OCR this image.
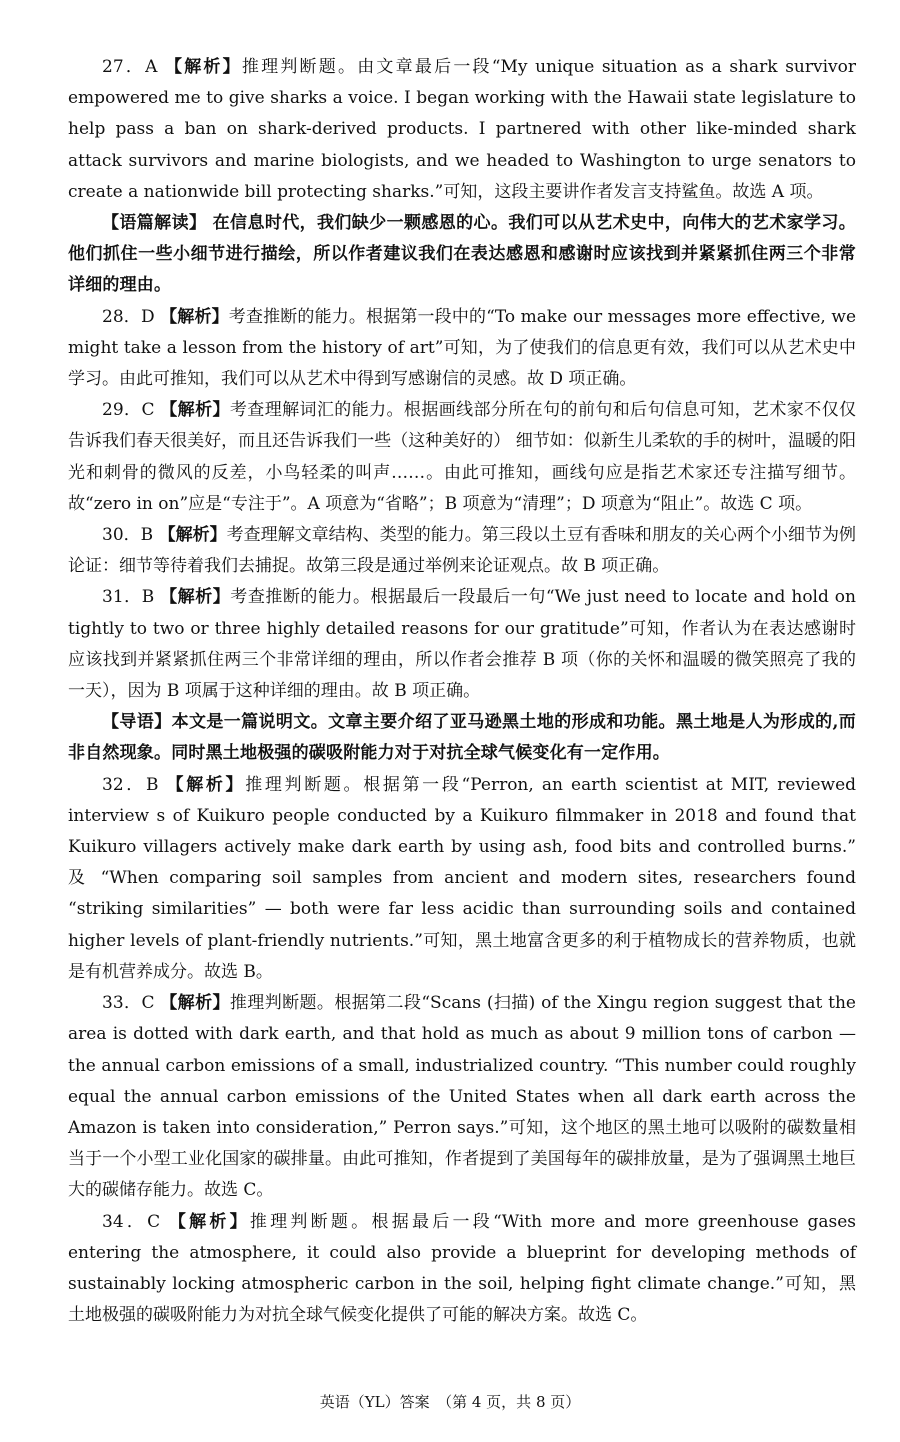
27．A 【解析】推理判断题。由文章最后一段“My unique situation as a shark survivor empowered me to give sharks a voice. I began working with the Hawaii state legislature to help pass a ban on shark-derived products. I partnered with other like-minded shark attack survivors and marine biologists, and we headed to Washington to urge senators to create a nationwide bill protecting sharks.”可知，这段主要讲作者发言支持鲨鱼。故选 A 项。

【语篇解读】 在信息时代，我们缺少一颗感恩的心。我们可以从艺术史中，向伟大的艺术家学习。他们抓住一些小细节进行描绘，所以作者建议我们在表达感恩和感谢时应该找到并紧紧抓住两三个非常详细的理由。

28．D 【解析】考查推断的能力。根据第一段中的“To make our messages more effective, we might take a lesson from the history of art”可知，为了使我们的信息更有效，我们可以从艺术史中学习。由此可推知，我们可以从艺术中得到写感谢信的灵感。故 D 项正确。

29．C 【解析】考查理解词汇的能力。根据画线部分所在句的前句和后句信息可知，艺术家不仅仅告诉我们春天很美好，而且还告诉我们一些（这种美好的） 细节如：似新生儿柔软的手的树叶，温暖的阳光和刺骨的微风的反差，小鸟轻柔的叫声……。由此可推知，画线句应是指艺术家还专注描写细节。故“zero in on”应是“专注于”。A 项意为“省略”；B 项意为“清理”；D 项意为“阻止”。故选 C 项。

30．B 【解析】考查理解文章结构、类型的能力。第三段以土豆有香味和朋友的关心两个小细节为例论证：细节等待着我们去捕捉。故第三段是通过举例来论证观点。故 B 项正确。

31．B 【解析】考查推断的能力。根据最后一段最后一句“We just need to locate and hold on tightly to two or three highly detailed reasons for our gratitude”可知，作者认为在表达感谢时应该找到并紧紧抓住两三个非常详细的理由，所以作者会推荐 B 项（你的关怀和温暖的微笑照亮了我的一天），因为 B 项属于这种详细的理由。故 B 项正确。

【导语】本文是一篇说明文。文章主要介绍了亚马逊黑土地的形成和功能。黑土地是人为形成的,而非自然现象。同时黑土地极强的碳吸附能力对于对抗全球气候变化有一定作用。

32．B 【解析】推理判断题。根据第一段“Perron, an earth scientist at MIT, reviewed interview s of Kuikuro people conducted by a Kuikuro filmmaker in 2018 and found that Kuikuro villagers actively make dark earth by using ash, food bits and controlled burns.” 及 “When comparing soil samples from ancient and modern sites, researchers found “striking similarities” — both were far less acidic than surrounding soils and contained higher levels of plant-friendly nutrients.”可知，黑土地富含更多的利于植物成长的营养物质，也就是有机营养成分。故选 B。

33．C 【解析】推理判断题。根据第二段“Scans (扫描) of the Xingu region suggest that the area is dotted with dark earth, and that hold as much as about 9 million tons of carbon — the annual carbon emissions of a small, industrialized country. “This number could roughly equal the annual carbon emissions of the United States when all dark earth across the Amazon is taken into consideration,” Perron says.”可知，这个地区的黑土地可以吸附的碳数量相当于一个小型工业化国家的碳排量。由此可推知，作者提到了美国每年的碳排放量，是为了强调黑土地巨大的碳储存能力。故选 C。

34．C 【解析】推理判断题。根据最后一段“With more and more greenhouse gases entering the atmosphere, it could also provide a blueprint for developing methods of sustainably locking atmospheric carbon in the soil, helping fight climate change.”可知，黑土地极强的碳吸附能力为对抗全球气候变化提供了可能的解决方案。故选 C。

英语（YL）答案　（第 4 页，共 8 页）
